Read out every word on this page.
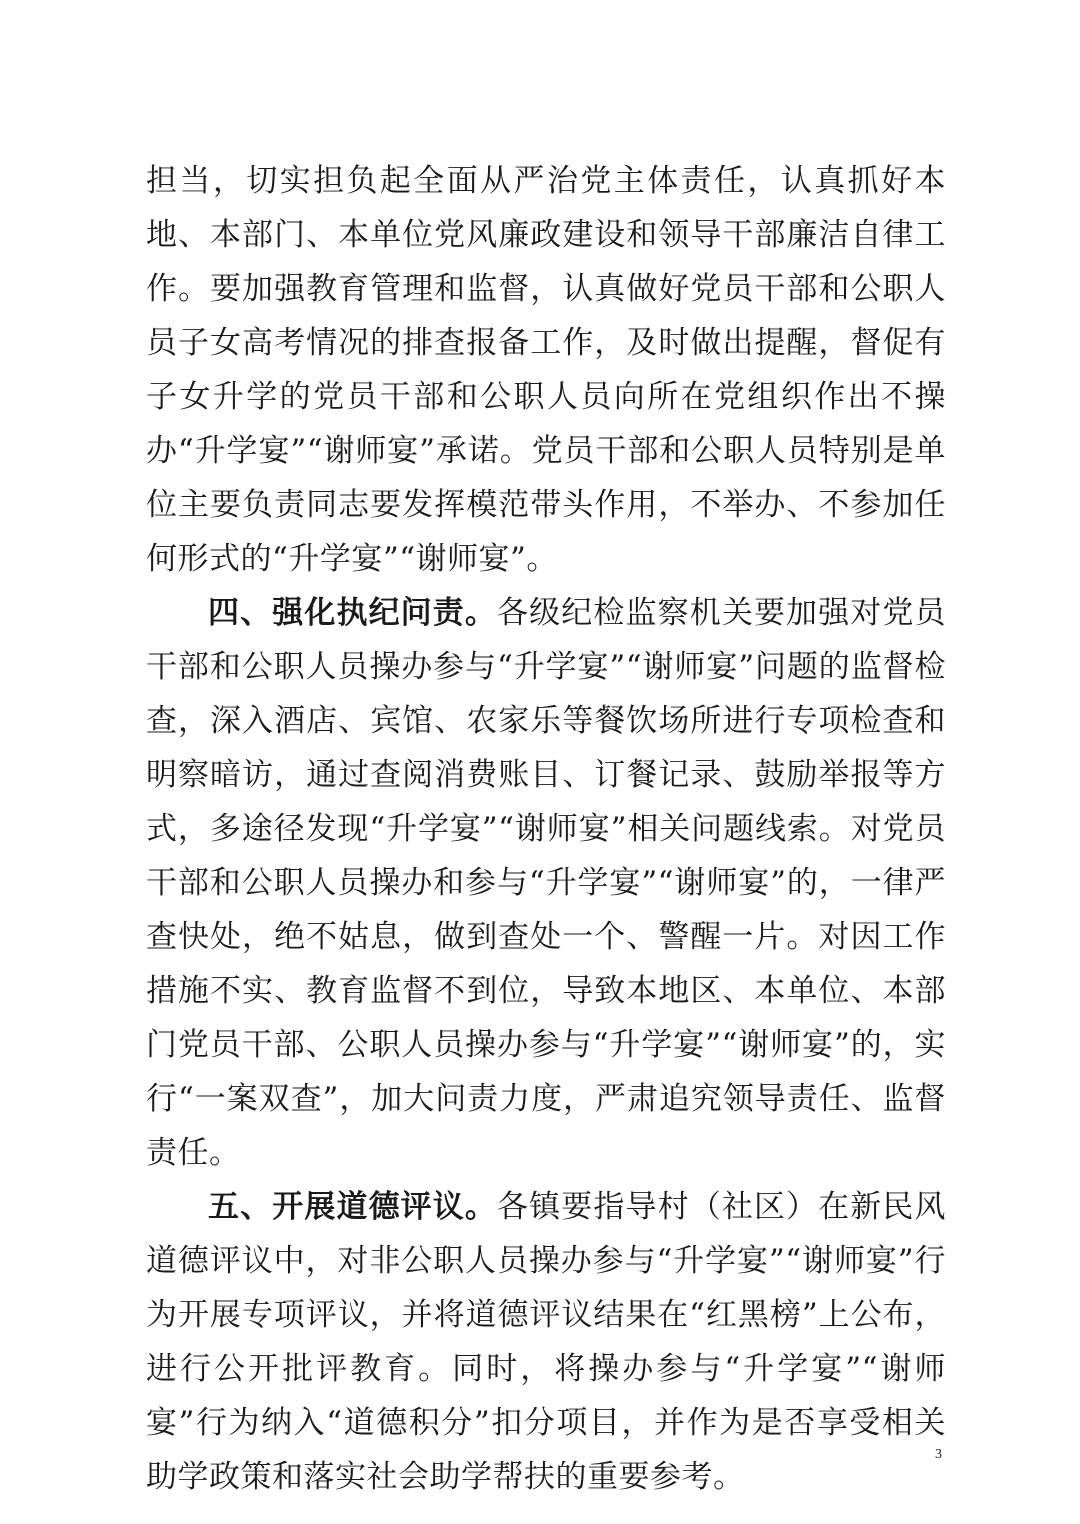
担当，切实担负起全面从严治党主体责任，认真抓好本地、本部门、本单位党风廉政建设和领导干部廉洁自律工作。要加强教育管理和监督，认真做好党员干部和公职人员子女高考情况的排查报备工作，及时做出提醒，督促有子女升学的党员干部和公职人员向所在党组织作出不操办“升学宴”“谢师宴”承诺。党员干部和公职人员特别是单位主要负责同志要发挥模范带头作用，不举办、不参加任何形式的“升学宴”“谢师宴”。

四、强化执纪问责。各级纪检监察机关要加强对党员干部和公职人员操办参与“升学宴”“谢师宴”问题的监督检查，深入酒店、宾馆、农家乐等餐饮场所进行专项检查和明察暗访，通过查阅消费账目、订餐记录、鼓励举报等方式，多途径发现“升学宴”“谢师宴”相关问题线索。对党员干部和公职人员操办和参与“升学宴”“谢师宴”的，一律严查快处，绝不姑息，做到查处一个、警醒一片。对因工作措施不实、教育监督不到位，导致本地区、本单位、本部门党员干部、公职人员操办参与“升学宴”“谢师宴”的，实行“一案双查”，加大问责力度，严肃追究领导责任、监督责任。

五、开展道德评议。各镇要指导村（社区）在新民风道德评议中，对非公职人员操办参与“升学宴”“谢师宴”行为开展专项评议，并将道德评议结果在“红黑榜”上公布，进行公开批评教育。同时，将操办参与“升学宴”“谢师宴”行为纳入“道德积分”扣分项目，并作为是否享受相关助学政策和落实社会助学帮扶的重要参考。

3
